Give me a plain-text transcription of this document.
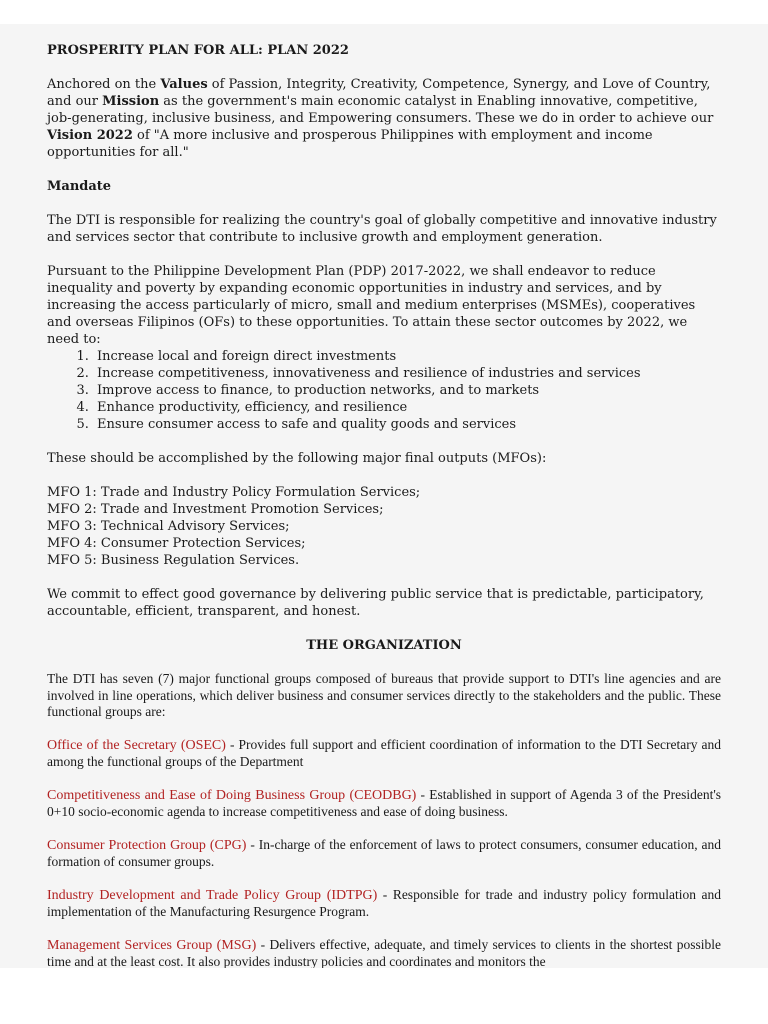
PROSPERITY PLAN FOR ALL: PLAN 2022

Anchored on the Values of Passion, Integrity, Creativity, Competence, Synergy, and Love of Country, and our Mission as the government's main economic catalyst in Enabling innovative, competitive, job-generating, inclusive business, and Empowering consumers. These we do in order to achieve our Vision 2022 of "A more inclusive and prosperous Philippines with employment and income opportunities for all."

Mandate

The DTI is responsible for realizing the country's goal of globally competitive and innovative industry and services sector that contribute to inclusive growth and employment generation.

Pursuant to the Philippine Development Plan (PDP) 2017-2022, we shall endeavor to reduce inequality and poverty by expanding economic opportunities in industry and services, and by increasing the access particularly of micro, small and medium enterprises (MSMEs), cooperatives and overseas Filipinos (OFs) to these opportunities. To attain these sector outcomes by 2022, we need to:

1. Increase local and foreign direct investments
2. Increase competitiveness, innovativeness and resilience of industries and services
3. Improve access to finance, to production networks, and to markets
4. Enhance productivity, efficiency, and resilience
5. Ensure consumer access to safe and quality goods and services

These should be accomplished by the following major final outputs (MFOs):

MFO 1: Trade and Industry Policy Formulation Services;

MFO 2: Trade and Investment Promotion Services;

MFO 3: Technical Advisory Services;

MFO 4: Consumer Protection Services;

MFO 5: Business Regulation Services.

We commit to effect good governance by delivering public service that is predictable, participatory, accountable, efficient, transparent, and honest.

THE ORGANIZATION

The DTI has seven (7) major functional groups composed of bureaus that provide support to DTI's line agencies and are involved in line operations, which deliver business and consumer services directly to the stakeholders and the public. These functional groups are:

Office of the Secretary (OSEC) - Provides full support and efficient coordination of information to the DTI Secretary and among the functional groups of the Department

Competitiveness and Ease of Doing Business Group (CEODBG) - Established in support of Agenda 3 of the President's 0+10 socio-economic agenda to increase competitiveness and ease of doing business.

Consumer Protection Group (CPG) - In-charge of the enforcement of laws to protect consumers, consumer education, and formation of consumer groups.

Industry Development and Trade Policy Group (IDTPG) - Responsible for trade and industry policy formulation and implementation of the Manufacturing Resurgence Program.

Management Services Group (MSG) - Delivers effective, adequate, and timely services to clients in the shortest possible time and at the least cost. It also provides industry policies and coordinates and monitors the
